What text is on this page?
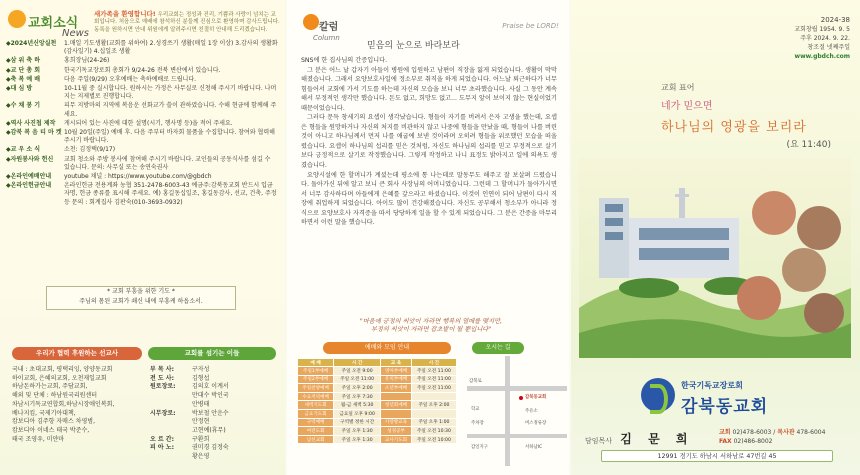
교회소식
News
새가족을 환영합니다! 우리교회는 정성과 진리, 기쁨과 사랑이 넘치는 교회입니다. 처음으로 예배에 참석하신 분들께 진심으로 환영하며 감사드립니다. 동록을 원하시면 안내 위원에게 알려주시면 친절히 안내해 드리겠습니다.
◆2024년신앙실천	1.매일 기도생활(교회를 위하여) 2.성경쓰기 생활(매일 1장 이상) 3.감사의 생활화(감사일기) 4.십일조 생활
◆삼 위 축 하	홍희장님(24-26)
◆교 단 총 회	한국기독교장로회 총회가 9/24-26 전북 변산에서 있습니다.
◆축 복 예 배	다음 주일(9/29) 오후예배는 축하예배로 드립니다.
◆대 심 방	10-11월 중 실시합니다. 원하시는 가정은 사무실로 신청해 주시기 바랍니다. 나머지는 지제별로 진행합니다.
◆수 채 봉 기	피무 지방마의 지역에 복음운 선화교가 쓸이 관하였습니다. 수해 현금에 함께해 주세요.
◆역사 사진첩 제작	게시되어 있는 사진에 대한 설명(시기, 행사명 등)을 적어 주세요.
◆감북 복 음 티 마 켓 10월 20일(주일) 예배 후. 다음 주부터 바자회 물품을 수집합니다. 참여와 협력해 주시기 바랍니다.
◆교 우 소 식	소천: 김정택(9/17)
◆자원봉사와 헌신	교회 청소와 주방 봉사에 참여해 주시기 바랍니다. 교인들의 공동식사를 섬길 수 있습니다. 문의: 사무실 또는 송연숙권사
◆온라인예배안내	youtube 채널 : https://www.youtube.com/@gbdch
◆온라인헌금안내	온라인헌금 전용계좌 농협 351-2478-6003-43 예금주:감북동교회 반드시 입금자명, 헌금 종류를 표시해 주세요. 예) 홍길동십일조, 홍길동감사, 선교, 건축, 주정 등 문의 : 회계집사 김판숙(010-3693-0932)
* 교회 부흥을 위한 기도 *
주님의 몸된 교회가 쇄신 내에 부흥케 하옵소서.
우리가 협력 후원하는 선교사	교회를 섬기는 이들
국내 : 초대교회, 평택리잉, 양양동교회
하이교회, 은혜의교회, 오천재일교회
하남돈하가는교회, 주담교회,
해외 및 단체 : 하남원국리원센터
차남시기독교연합회,하남시장애인복회,
베나지킴, 국제기아대책,
캄보디아 김주항 자매스 차영범,
캄보디아 이네스 태국 박준수,
태국 조영우, 미얀마
부 목 사:	구자성
전 도 사:	김형섭
원로장로:	김의호 이계서
만대수 박인국
안병태
시무장로:	박보철 안운수
안정현
고현예(휴무)
오 르 간:	구환희
피 아 노:	권미경 김정숙
황은영
칼럼
Column
Praise be LORD!
믿음의 눈으로 바라보라

SNS에 한 집사님의 간증입니다.

그 분은 어느 날 갑자기 아들이 병원에 입원하고 남편이 직장을 잃게 되었습니다. 생활이 막막해졌습니다. 그래서 요양보호사일에 정소부로 취직을 하게 되었습니다. 어느날 퇴근하다가 너무 힘들어서 교회에 가서 기도를 하는데 자신의 모습을 보니 너무 초라했습니다. 사실 그 동안 계속해서 부정적인 생각만 했습니다. 돈도 없고, 희망도 없고... 도무지 앞이 보이지 않는 현실이었기 때문이었습니다.

그러다 문득 창세기의 요셉이 생각났습니다. 형들이 자기를 버려서 은자 고생을 했는데, 요셉은 형들을 원망하거나 자신의 처지를 비관하지 않고 나중에 형들을 만났을 때, 형들이 나를 버린 것이 아니고 하나님께서 먼저 나를 애굽에 보낸 것이라며 오히려 형들을 위로했던 모습을 떠올렸습니다. 요셉이 하나님의 섭리를 믿은 것처럼, 자신도 하나님의 섭리를 믿고 부정적으로 살기보다 긍정적으로 살기로 작정했습니다. 그렇게 작정하고 나니 표정도 밝아지고 일에 의욕도 생겼습니다.

요양시설에 한 할머니가 계셨는데 평소에 통 나는데로 말동무도 해주고 잘 보살펴 드렸습니다. 돌아가신 뒤에 알고 보니 큰 회사 사장님의 어머니였습니다. 그런데 그 할머니가 돌아가시면서 너무 감사하다며 아들에게 은혜를 갚으라고 하셨습니다. 이것이 인연이 되어 남편이 다시 직장에 취업하게 되었습니다. 아이도 많이 건강해졌습니다. 자신도 공부해서 청소부가 아니라 정식으로 요양보호사 자격증을 따서 당당하게 일을 할 수 있게 되었습니다. 그 분은 간증을 마무리 하면서 이런 말을 했습니다.

"마음에 긍정의 씨앗이 자라면 행복의 열매를 맺지만,
부정의 씨앗이 자라면 잡초밭이 될 뿐입니다"
예배와 모임 안내	오시는 길
예 배	시 간	교 육	시 간
주일1부예배	주일 오전 9:00	영아부예배	주일 오전 11:00
주일2부예배	주일 오전 11:00	유치부예배	주일 오전 11:00
주일찬양예배	주일 오후 2:00	소년부예배	주일 오전 11:00
수요저녁예배	주일 오후 7:30		
새벽기도회	월-금 새벽 5:30	청년회예배	주일 오후 2:00
금요기도회	금요일 오후 9:00		
구역예배	구역별 정한 시간	사랑방교육	주일 오후 1:00
여전도회	주일 오후 1:30	성경공부	주일 오전 10:30
남선교회	주일 오후 1:30	교사기도회	주일 오전 10:00
감북동교회
감북로
주유소
학교
버스정류장
주차장
감일지구	서하남IC
2024-38
교회창립 1954. 9. 5
주후 2024. 9. 22.
창조절 넷째주일
www.gbdch.com
교회 표어
네가 믿으면
하나님의 영광을 보리라
(요 11:40)
한국기독교장로회
감북동교회
담임목사 김 문 희	교회 02)478-6003 / 목사관 478-6004
FAX 02)486-8002
12991 경기도 하남시 서하남로 47번길 45
